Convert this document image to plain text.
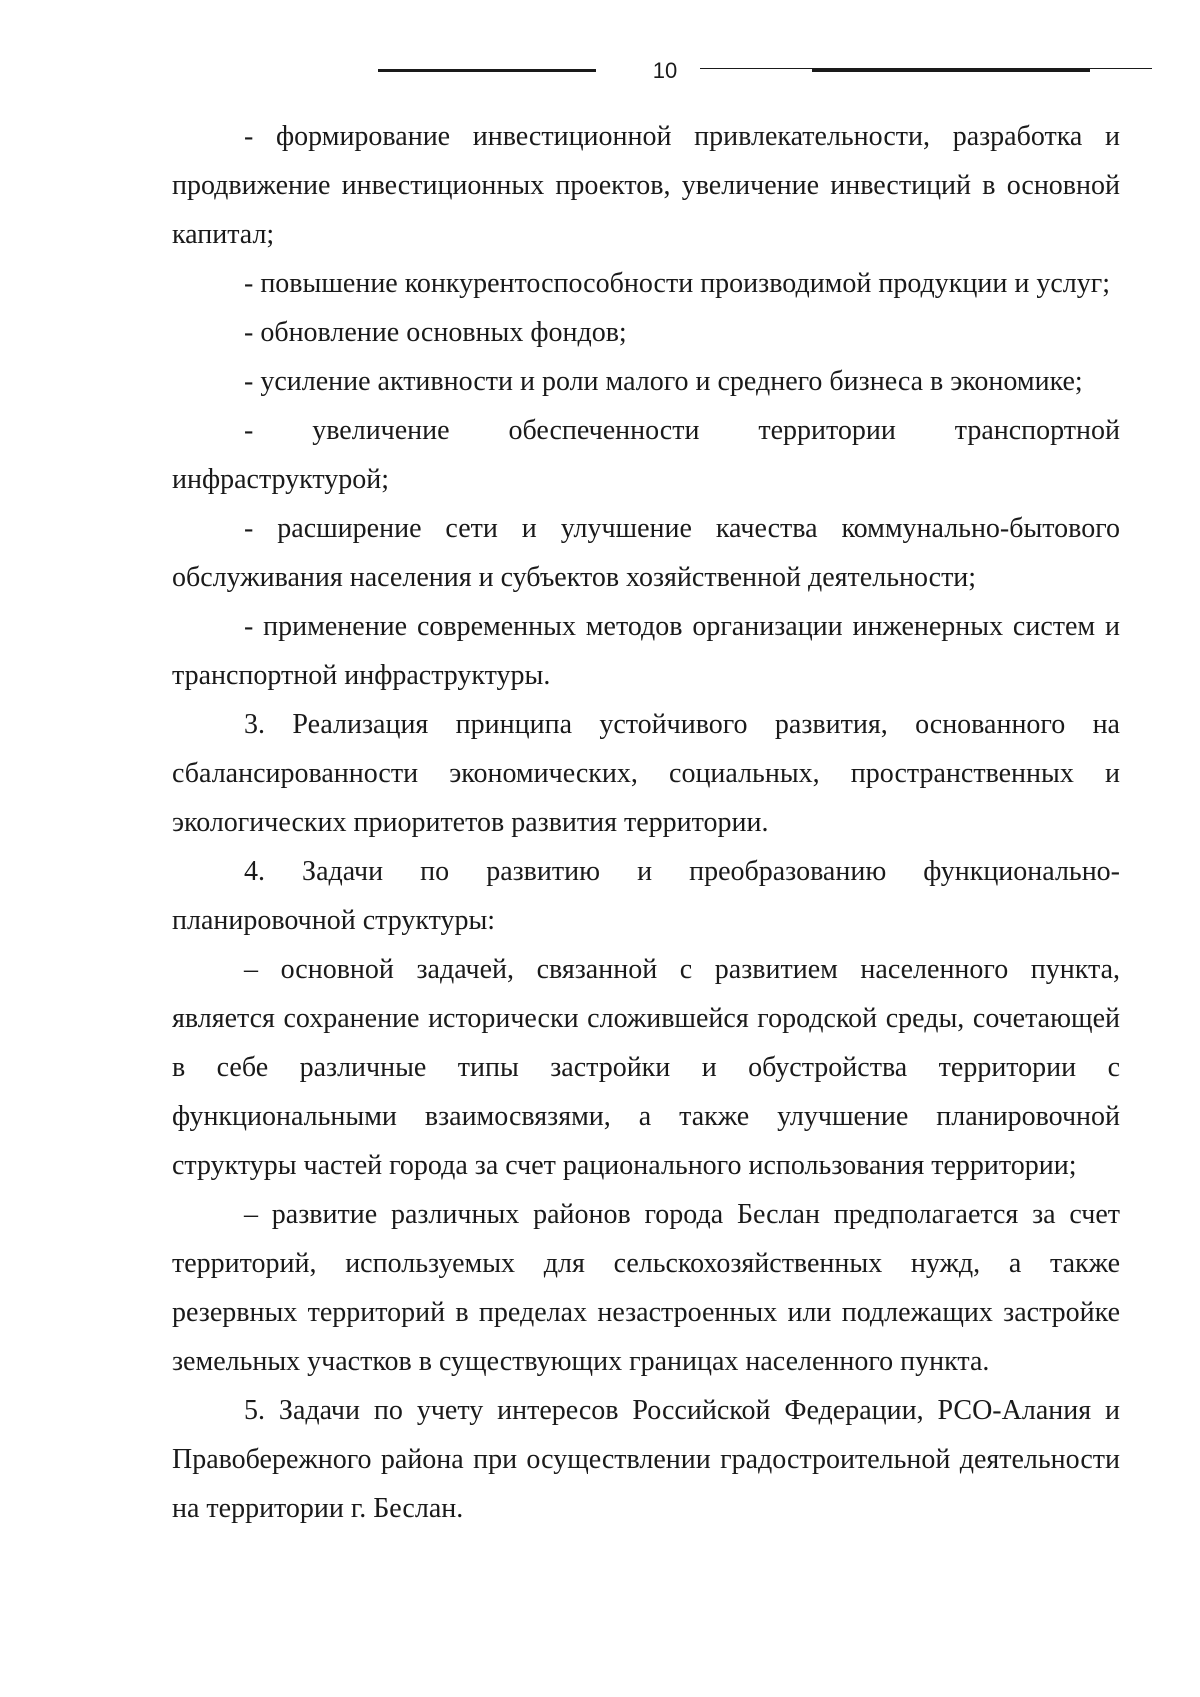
10

- формирование инвестиционной привлекательности, разработка и продвижение инвестиционных проектов, увеличение инвестиций в основной капитал;

- повышение конкурентоспособности производимой продукции и услуг;

- обновление основных фондов;

- усиление активности и роли малого и среднего бизнеса в экономике;

- увеличение обеспеченности территории транспортной инфраструктурой;

- расширение сети и улучшение качества коммунально-бытового обслуживания населения и субъектов хозяйственной деятельности;

- применение современных методов организации инженерных систем и транспортной инфраструктуры.

3. Реализация принципа устойчивого развития, основанного на сбалансированности экономических, социальных, пространственных и экологических приоритетов развития территории.

4. Задачи по развитию и преобразованию функционально-планировочной структуры:

– основной задачей, связанной с развитием населенного пункта, является сохранение исторически сложившейся городской среды, сочетающей в себе различные типы застройки и обустройства территории с функциональными взаимосвязями, а также улучшение планировочной структуры частей города за счет рационального использования территории;

– развитие различных районов города Беслан предполагается за счет территорий, используемых для сельскохозяйственных нужд, а также резервных территорий в пределах незастроенных или подлежащих застройке земельных участков в существующих границах населенного пункта.

5. Задачи по учету интересов Российской Федерации, РСО-Алания и Правобережного района при осуществлении градостроительной деятельности на территории г. Беслан.
